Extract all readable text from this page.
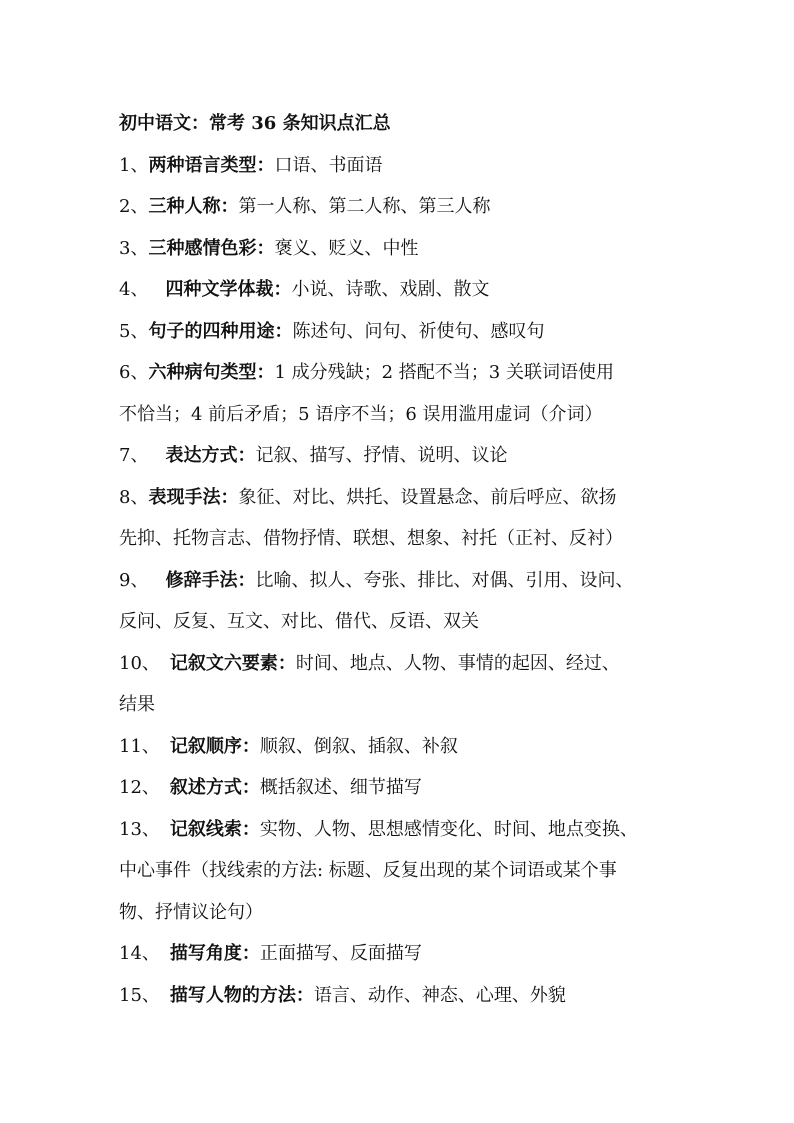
初中语文：常考 36 条知识点汇总
1、两种语言类型：口语、书面语
2、三种人称：第一人称、第二人称、第三人称
3、三种感情色彩：褒义、贬义、中性
4、 四种文学体裁：小说、诗歌、戏剧、散文
5、句子的四种用途：陈述句、问句、祈使句、感叹句
6、六种病句类型：1 成分残缺；2 搭配不当；3 关联词语使用
不恰当；4 前后矛盾；5 语序不当；6 误用滥用虚词（介词）
7、 表达方式：记叙、描写、抒情、说明、议论
8、表现手法：象征、对比、烘托、设置悬念、前后呼应、欲扬
先抑、托物言志、借物抒情、联想、想象、衬托（正衬、反衬）
9、 修辞手法：比喻、拟人、夸张、排比、对偶、引用、设问、
反问、反复、互文、对比、借代、反语、双关
10、 记叙文六要素：时间、地点、人物、事情的起因、经过、
结果
11、 记叙顺序：顺叙、倒叙、插叙、补叙
12、 叙述方式：概括叙述、细节描写
13、 记叙线索：实物、人物、思想感情变化、时间、地点变换、
中心事件（找线索的方法: 标题、反复出现的某个词语或某个事
物、抒情议论句）
14、 描写角度：正面描写、反面描写
15、 描写人物的方法：语言、动作、神态、心理、外貌
